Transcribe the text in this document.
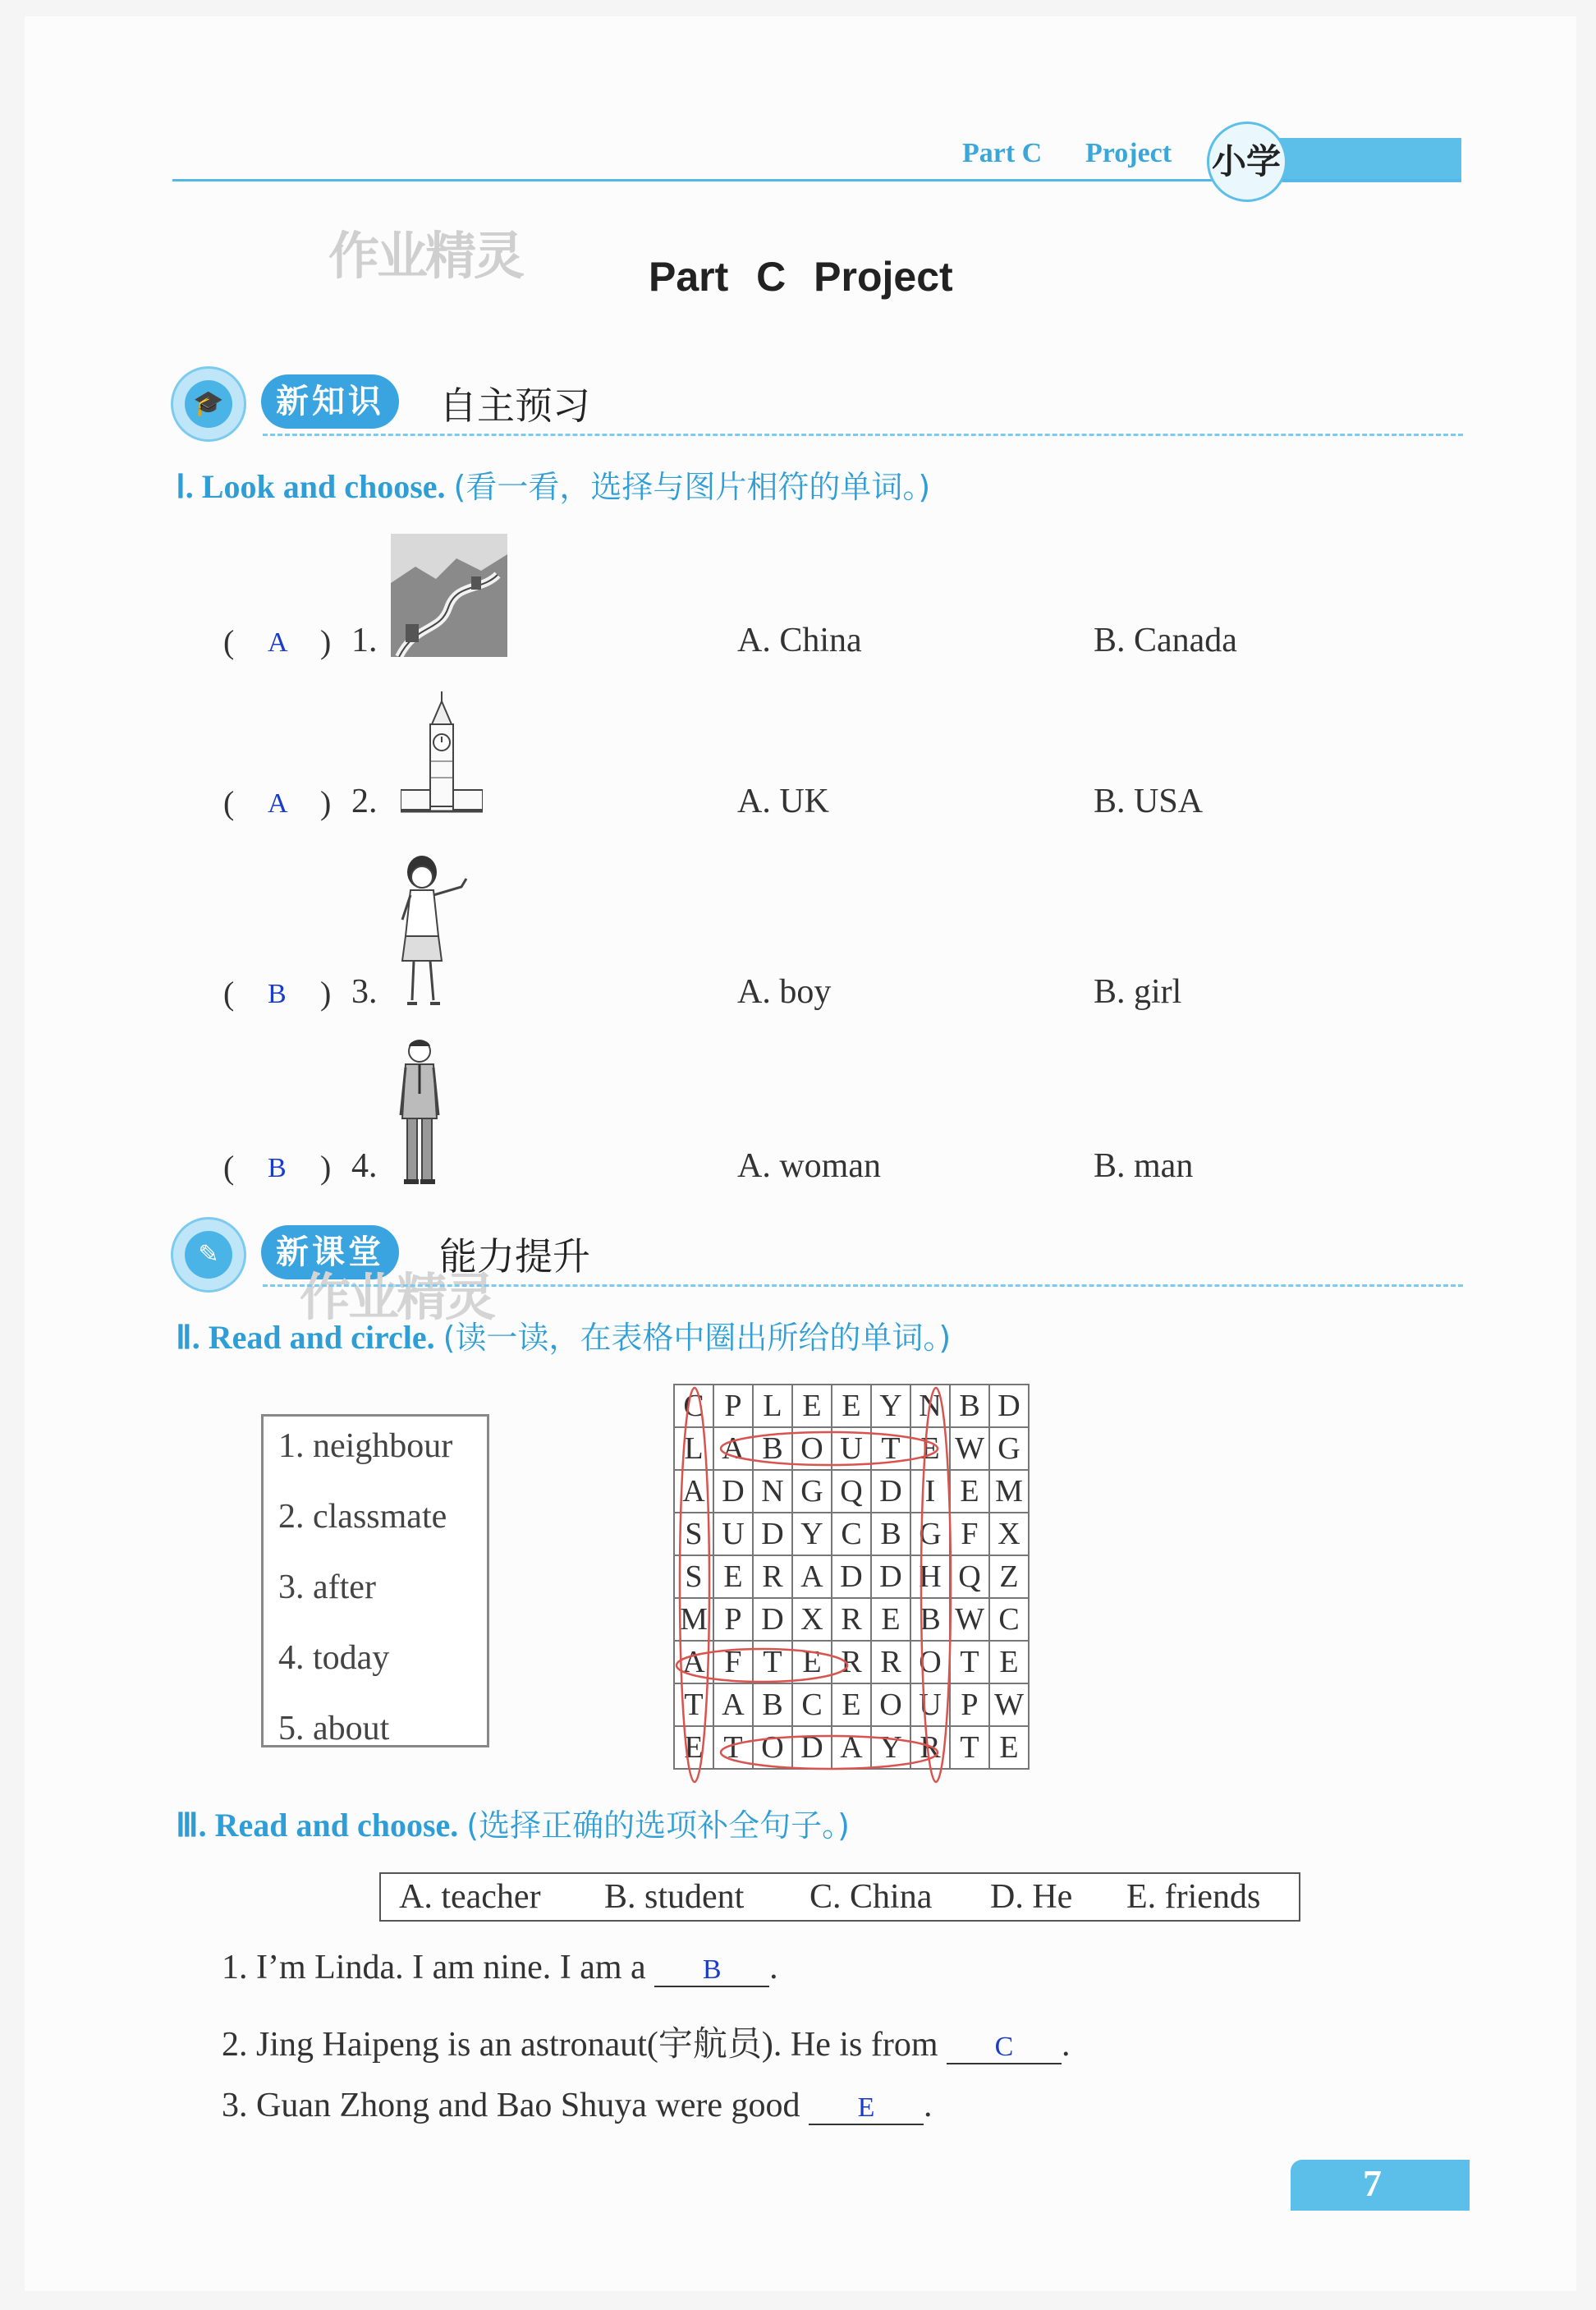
Part C Project 小学
作业精灵	Part C Project
🎓	新知识	自主预习
Ⅰ. Look and choose. (看一看，选择与图片相符的单词。)
( A ) 1.	A. China	B. Canada
( A ) 2.	A. UK	B. USA
( B ) 3.	A. boy	B. girl
( B ) 4.	A. woman	B. man
✎	新课堂	能力提升
作业精灵
Ⅱ. Read and circle. (读一读，在表格中圈出所给的单词。)
1. neighbour
2. classmate
3. after
4. today
5. about
C	P	L	E	E	Y	N	B	D
L	A	B	O	U	T	E	W	G
A	D	N	G	Q	D	I	E	M
S	U	D	Y	C	B	G	F	X
S	E	R	A	D	D	H	Q	Z
M	P	D	X	R	E	B	W	C
A	F	T	E	R	R	O	T	E
T	A	B	C	E	O	U	P	W
E	T	O	D	A	Y	R	T	E
Ⅲ. Read and choose. (选择正确的选项补全句子。)
A. teacher B. student C. China D. He E. friends
1. I’m Linda. I am nine. I am a B .
2. Jing Haipeng is an astronaut(宇航员). He is from C .
3. Guan Zhong and Bao Shuya were good E .
7
